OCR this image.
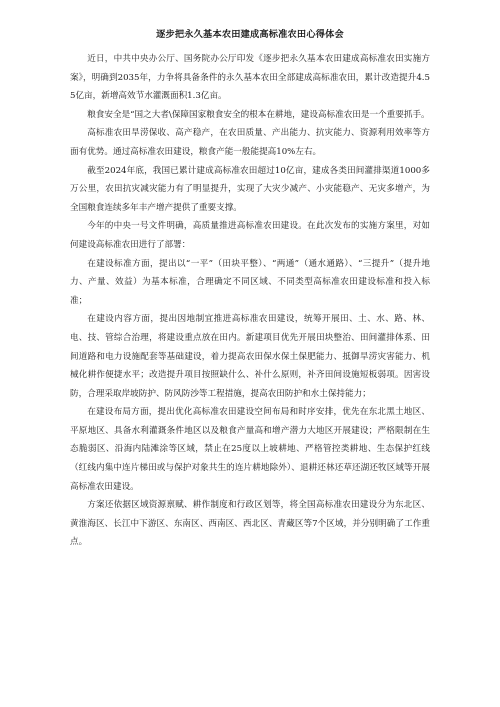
逐步把永久基本农田建成高标准农田心得体会

近日，中共中央办公厅、国务院办公厅印发《逐步把永久基本农田建成高标准农田实施方案》，明确到2035年，力争将具备条件的永久基本农田全部建成高标准农田，累计改造提升4.55亿亩，新增高效节水灌溉面积1.3亿亩。

粮食安全是“国之大者\保障国家粮食安全的根本在耕地，建设高标准农田是一个重要抓手。

高标准农田旱涝保收、高产稳产，在农田质量、产出能力、抗灾能力、资源利用效率等方面有优势。通过高标准农田建设，粮食产能一般能提高10%左右。

截至2024年底，我国已累计建成高标准农田超过10亿亩，建成各类田间灌排渠道1000多万公里，农田抗灾减灾能力有了明显提升，实现了大灾少减产、小灾能稳产、无灾多增产，为全国粮食连续多年丰产增产提供了重要支撑。

今年的中央一号文件明确，高质量推进高标准农田建设。在此次发布的实施方案里，对如何建设高标准农田进行了部署：

在建设标准方面，提出以“一平”（田块平整）、“两通”（通水通路）、“三提升”（提升地力、产量、效益）为基本标准，合理确定不同区域、不同类型高标准农田建设标准和投入标准；

在建设内容方面，提出因地制宜推进高标准农田建设，统筹开展田、土、水、路、林、电、技、管综合治理，将建设重点放在田内。新建项目优先开展田块整治、田间灌排体系、田间道路和电力设施配套等基础建设，着力提高农田保水保土保肥能力、抵御旱涝灾害能力、机械化耕作便捷水平；改造提升项目按照缺什么、补什么原则，补齐田间设施短板弱项。因害设防，合理采取岸坡防护、防风防沙等工程措施，提高农田防护和水土保持能力；

在建设布局方面，提出优化高标准农田建设空间布局和时序安排，优先在东北黑土地区、平原地区、具备水利灌溉条件地区以及粮食产量高和增产潜力大地区开展建设；严格限制在生态脆弱区、沿海内陆滩涂等区域，禁止在25度以上坡耕地、严格管控类耕地、生态保护红线（红线内集中连片梯田或与保护对象共生的连片耕地除外）、退耕还林还草还湖还牧区域等开展高标准农田建设。

方案还依据区域资源禀赋、耕作制度和行政区划等，将全国高标准农田建设分为东北区、黄淮海区、长江中下游区、东南区、西南区、西北区、青藏区等7个区域，并分别明确了工作重点。
